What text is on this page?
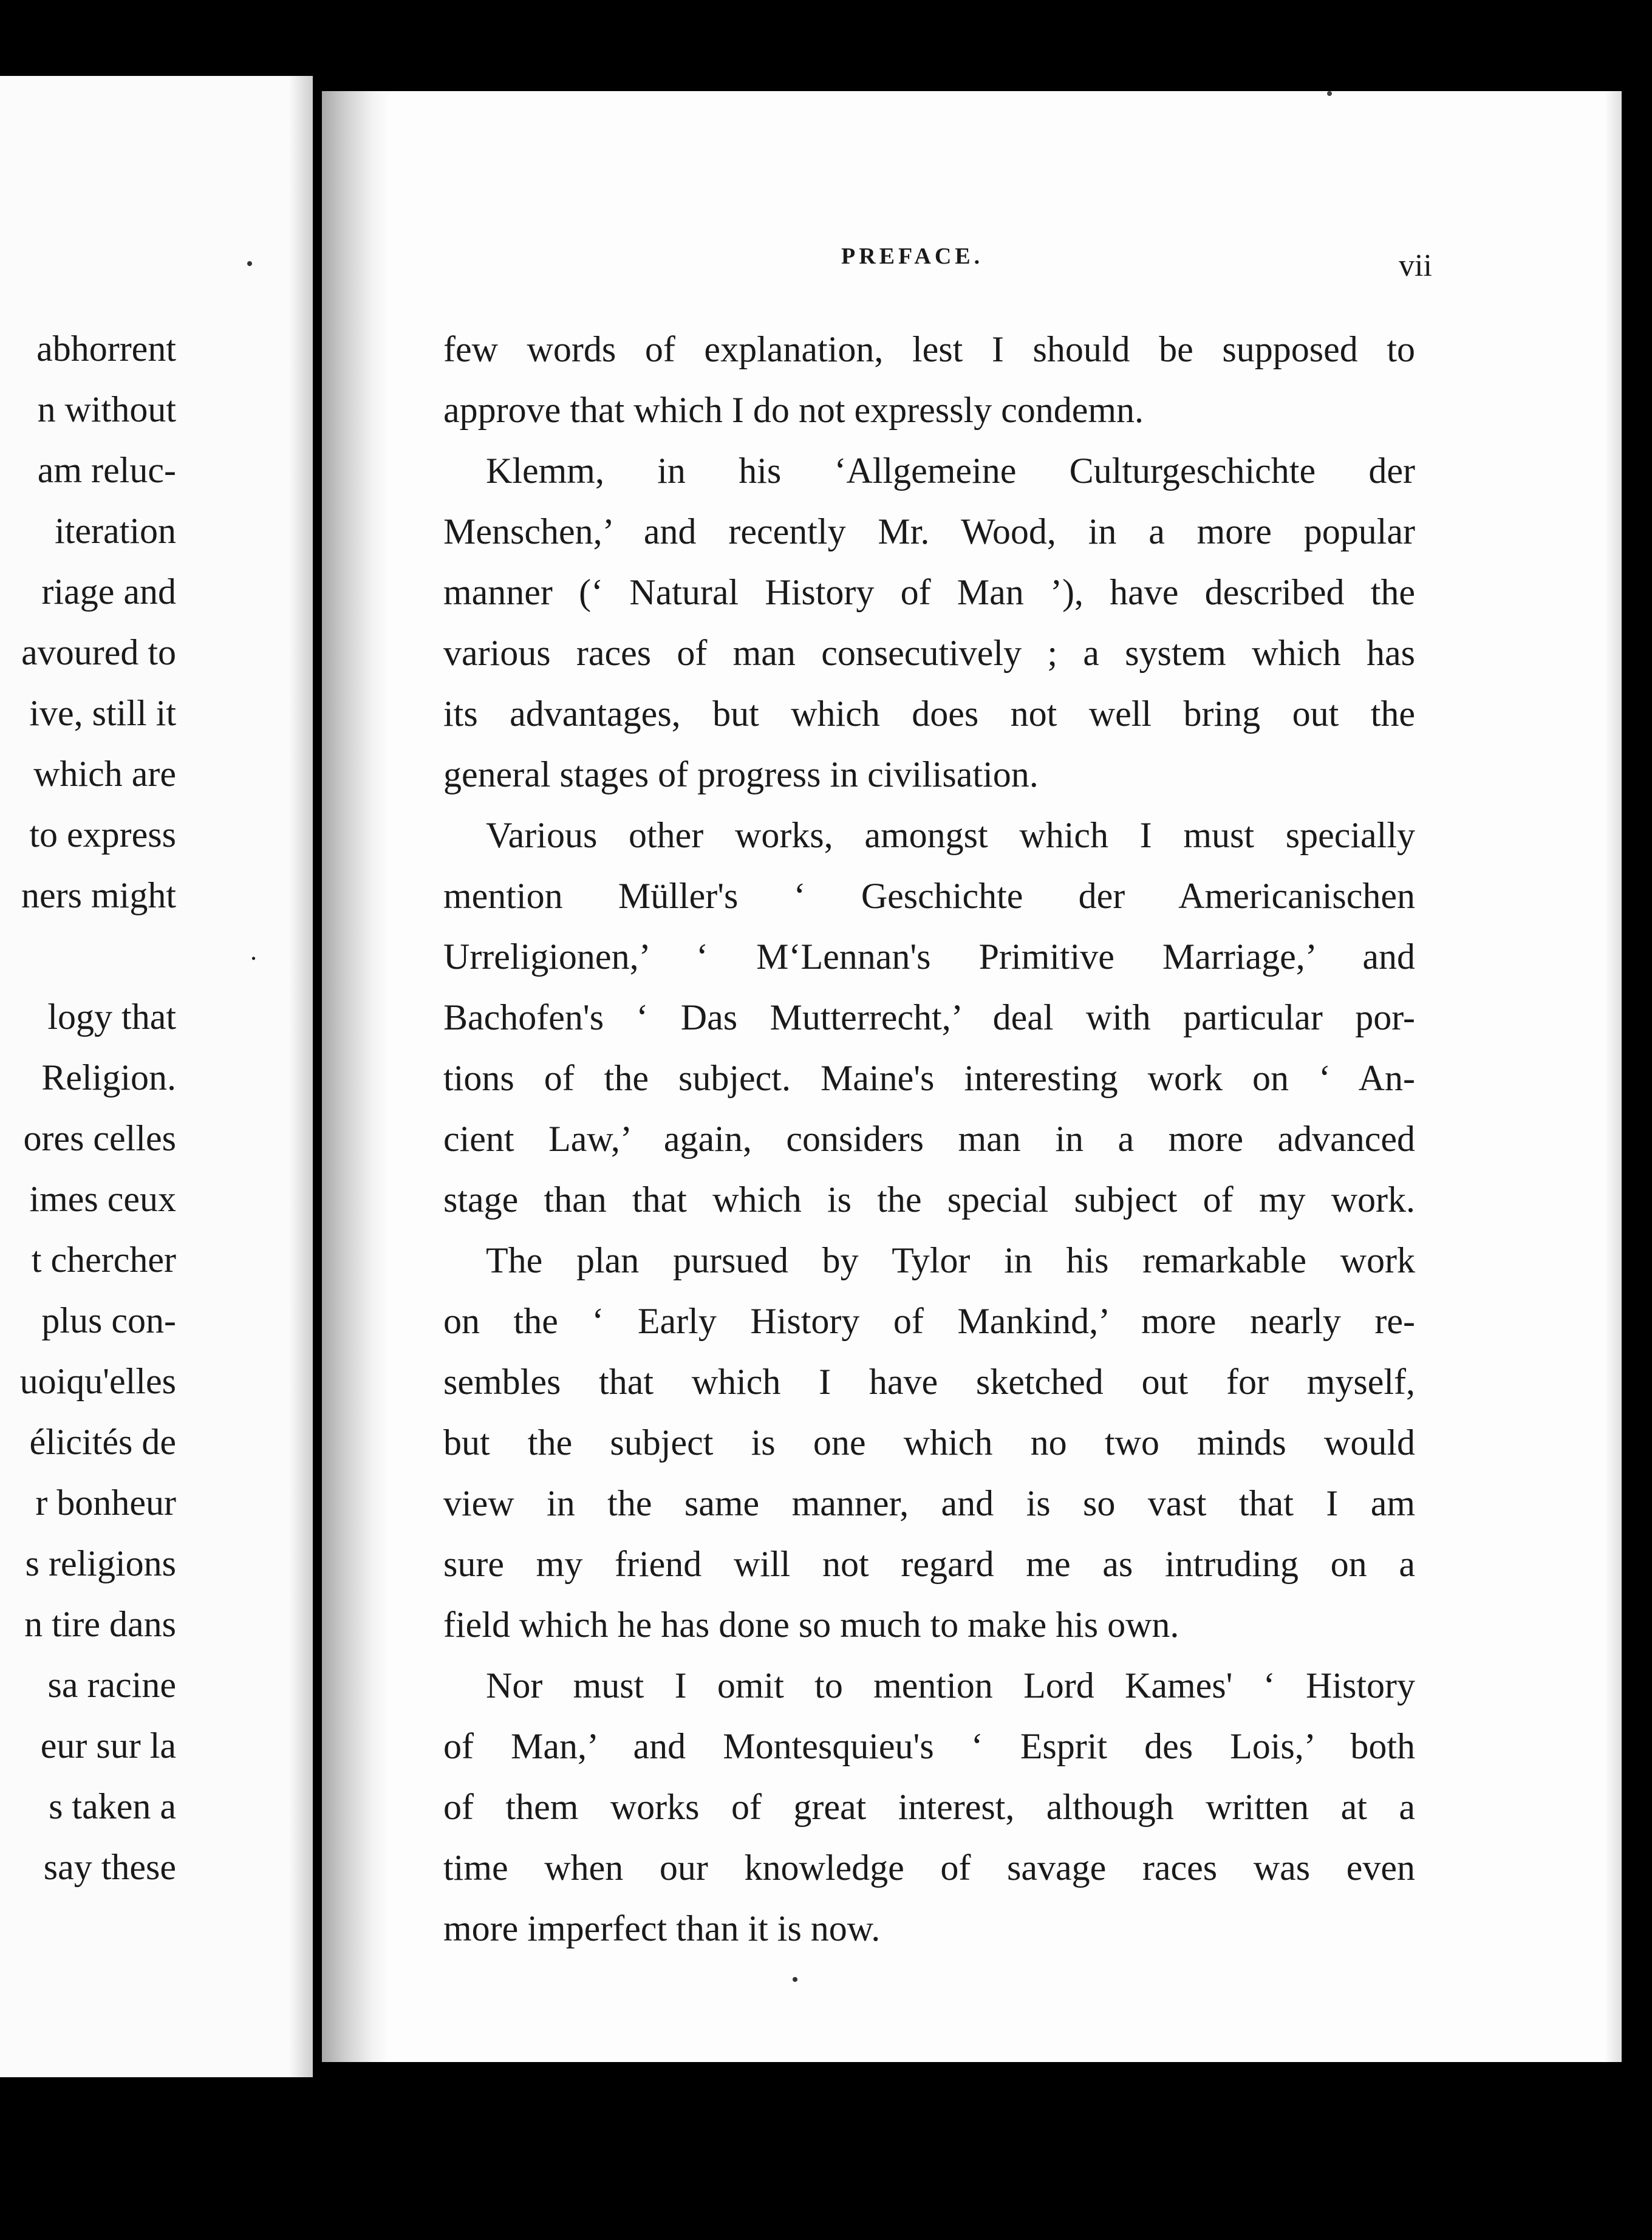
abhorrent
n without
am reluc-
iteration
riage and
avoured to
ive, still it
which are
to express
ners might
.
logy that
Religion.
ores celles
imes ceux
t chercher
plus con-
uoiqu'elles
élicités de
r bonheur
s religions
n tire dans
sa racine
eur sur la
s taken a
say these
PREFACE.	vii
few words of explanation, lest I should be supposed to
approve that which I do not expressly condemn.
Klemm, in his ‘Allgemeine Culturgeschichte der
Menschen,’ and recently Mr. Wood, in a more popular
manner (‘ Natural History of Man ’), have described the
various races of man consecutively ; a system which has
its advantages, but which does not well bring out the
general stages of progress in civilisation.
Various other works, amongst which I must specially
mention Müller's ‘ Geschichte der Americanischen
Urreligionen,’ ‘ M‘Lennan's Primitive Marriage,’ and
Bachofen's ‘ Das Mutterrecht,’ deal with particular por-
tions of the subject. Maine's interesting work on ‘ An-
cient Law,’ again, considers man in a more advanced
stage than that which is the special subject of my work.
The plan pursued by Tylor in his remarkable work
on the ‘ Early History of Mankind,’ more nearly re-
sembles that which I have sketched out for myself,
but the subject is one which no two minds would
view in the same manner, and is so vast that I am
sure my friend will not regard me as intruding on a
field which he has done so much to make his own.
Nor must I omit to mention Lord Kames' ‘ History
of Man,’ and Montesquieu's ‘ Esprit des Lois,’ both
of them works of great interest, although written at a
time when our knowledge of savage races was even
more imperfect than it is now.
